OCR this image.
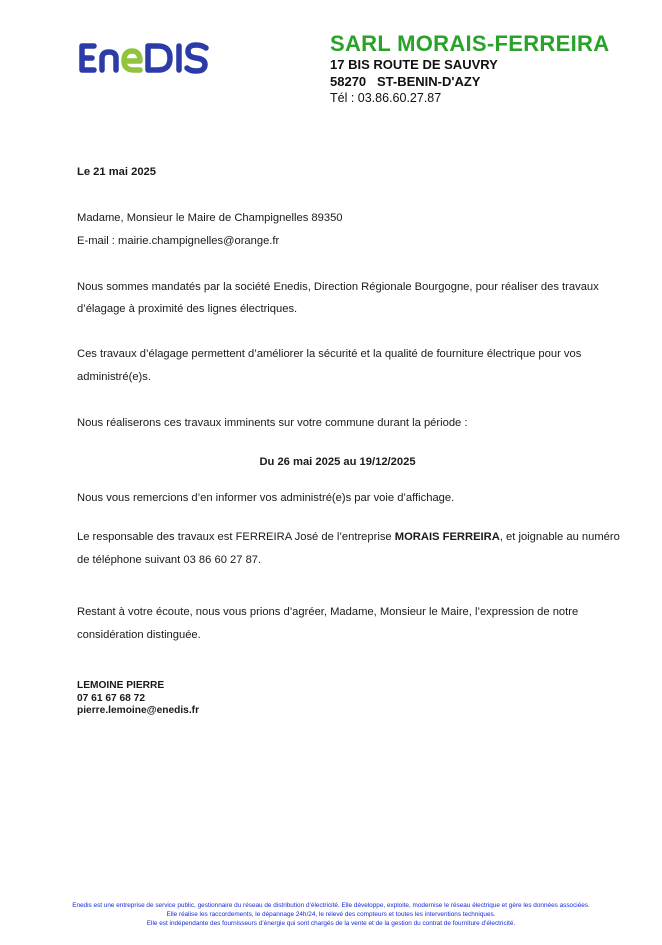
SARL MORAIS-FERREIRA
17 BIS ROUTE DE SAUVRY
58270   ST-BENIN-D'AZY
Tél : 03.86.60.27.87
Le 21 mai 2025
Madame, Monsieur le Maire de Champignelles 89350
E-mail : mairie.champignelles@orange.fr
Nous sommes mandatés par la société Enedis, Direction Régionale Bourgogne, pour réaliser des travaux
d’élagage à proximité des lignes électriques.
Ces travaux d’élagage permettent d’améliorer la sécurité et la qualité de fourniture électrique pour vos
administré(e)s.
Nous réaliserons ces travaux imminents sur votre commune durant la période :
Du 26 mai 2025 au 19/12/2025
Nous vous remercions d’en informer vos administré(e)s par voie d’affichage.
Le responsable des travaux est FERREIRA José de l’entreprise MORAIS FERREIRA, et joignable au numéro
de téléphone suivant 03 86 60 27 87.
Restant à votre écoute, nous vous prions d’agréer, Madame, Monsieur le Maire, l’expression de notre
considération distinguée.
LEMOINE PIERRE
07 61 67 68 72
pierre.lemoine@enedis.fr
Enedis est une entreprise de service public, gestionnaire du réseau de distribution d’électricité. Elle développe, exploite, modernise le réseau électrique et gère les données associées.
Elle réalise les raccordements, le dépannage 24h/24, le relevé des compteurs et toutes les interventions techniques.
Elle est indépendante des fournisseurs d’énergie qui sont chargés de la vente et de la gestion du contrat de fourniture d’électricité.
